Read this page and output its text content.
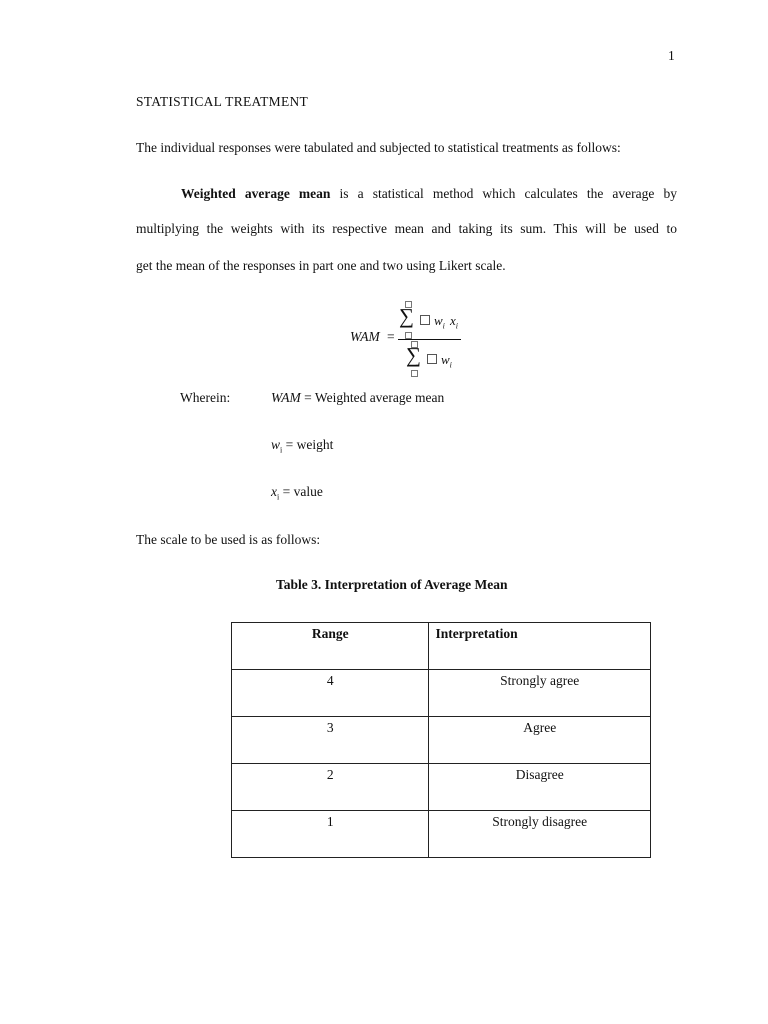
1
STATISTICAL TREATMENT
The individual responses were tabulated and subjected to statistical treatments as follows:
Weighted average mean is a statistical method which calculates the average by
multiplying the weights with its respective mean and taking its sum. This will be used to
get the mean of the responses in part one and two using Likert scale.
WAM =
∑ $w_i$ $x_i$
∑ $w_i$
Wherein:	WAM = Weighted average mean
$w_i$ = weight
$x_i$ = value
The scale to be used is as follows:
Table 3. Interpretation of Average Mean
Range	Interpretation

4	Strongly agree

3	Agree

2	Disagree

1	Strongly disagree
